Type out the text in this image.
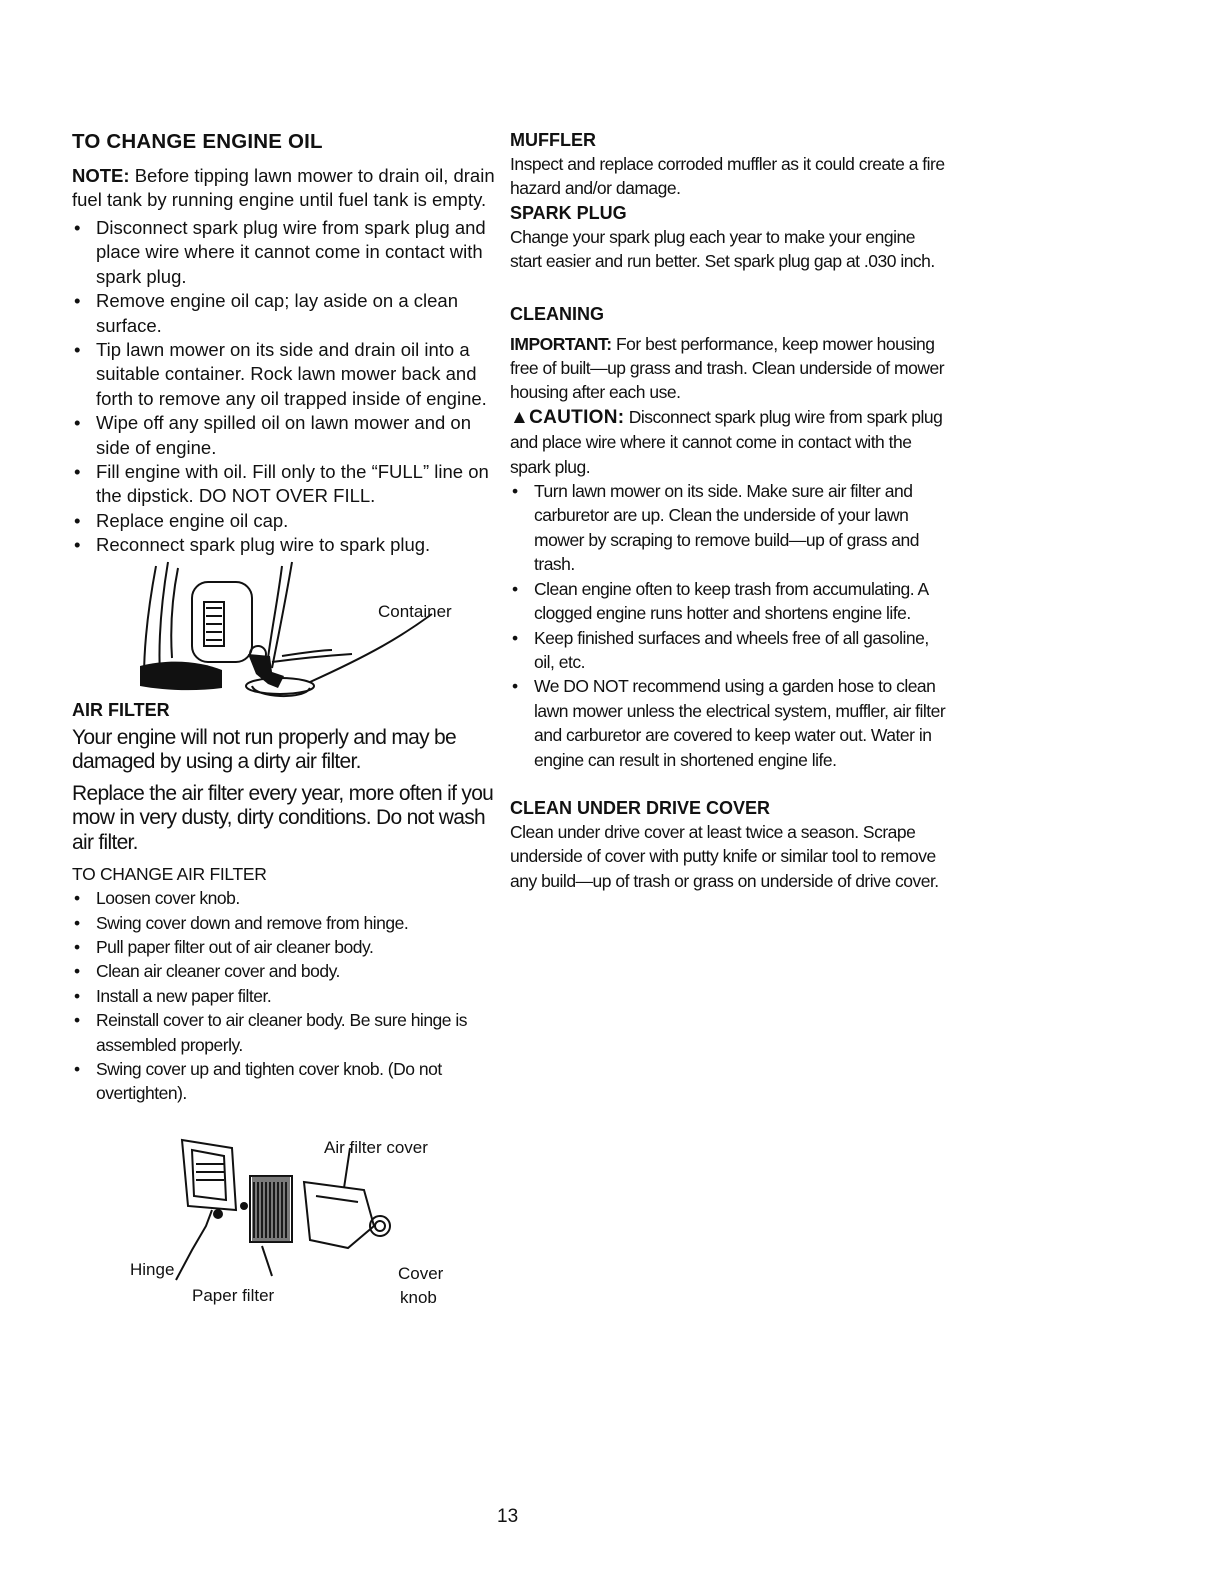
TO CHANGE ENGINE OIL

NOTE: Before tipping lawn mower to drain oil, drain fuel tank by running engine until fuel tank is empty.

• Disconnect spark plug wire from spark plug and place wire where it cannot come in contact with spark plug.
• Remove engine oil cap; lay aside on a clean surface.
• Tip lawn mower on its side and drain oil into a suitable container. Rock lawn mower back and forth to remove any oil trapped inside of engine.
• Wipe off any spilled oil on lawn mower and on side of engine.
• Fill engine with oil. Fill only to the “FULL” line on the dipstick. DO NOT OVER FILL.
• Replace engine oil cap.
• Reconnect spark plug wire to spark plug.
Container
AIR FILTER

Your engine will not run properly and may be damaged by using a dirty air filter.

Replace the air filter every year, more often if you mow in very dusty, dirty conditions. Do not wash air filter.

TO CHANGE AIR FILTER

• Loosen cover knob.
• Swing cover down and remove from hinge.
• Pull paper filter out of air cleaner body.
• Clean air cleaner cover and body.
• Install a new paper filter.
• Reinstall cover to air cleaner body. Be sure hinge is assembled properly.
• Swing cover up and tighten cover knob. (Do not overtighten).
Air filter cover
Hinge
Paper filter
Cover
knob
MUFFLER

Inspect and replace corroded muffler as it could create a fire hazard and/or damage.

SPARK PLUG

Change your spark plug each year to make your engine start easier and run better. Set spark plug gap at .030 inch.

CLEANING

IMPORTANT: For best performance, keep mower housing free of built—up grass and trash. Clean underside of mower housing after each use.

▲CAUTION: Disconnect spark plug wire from spark plug and place wire where it cannot come in contact with the spark plug.

• Turn lawn mower on its side. Make sure air filter and carburetor are up. Clean the underside of your lawn mower by scraping to remove build—up of grass and trash.
• Clean engine often to keep trash from accumulating. A clogged engine runs hotter and shortens engine life.
• Keep finished surfaces and wheels free of all gasoline, oil, etc.
• We DO NOT recommend using a garden hose to clean lawn mower unless the electrical system, muffler, air filter and carburetor are covered to keep water out. Water in engine can result in shortened engine life.
CLEAN UNDER DRIVE COVER

Clean under drive cover at least twice a season. Scrape underside of cover with putty knife or similar tool to remove any build—up of trash or grass on underside of drive cover.

13
